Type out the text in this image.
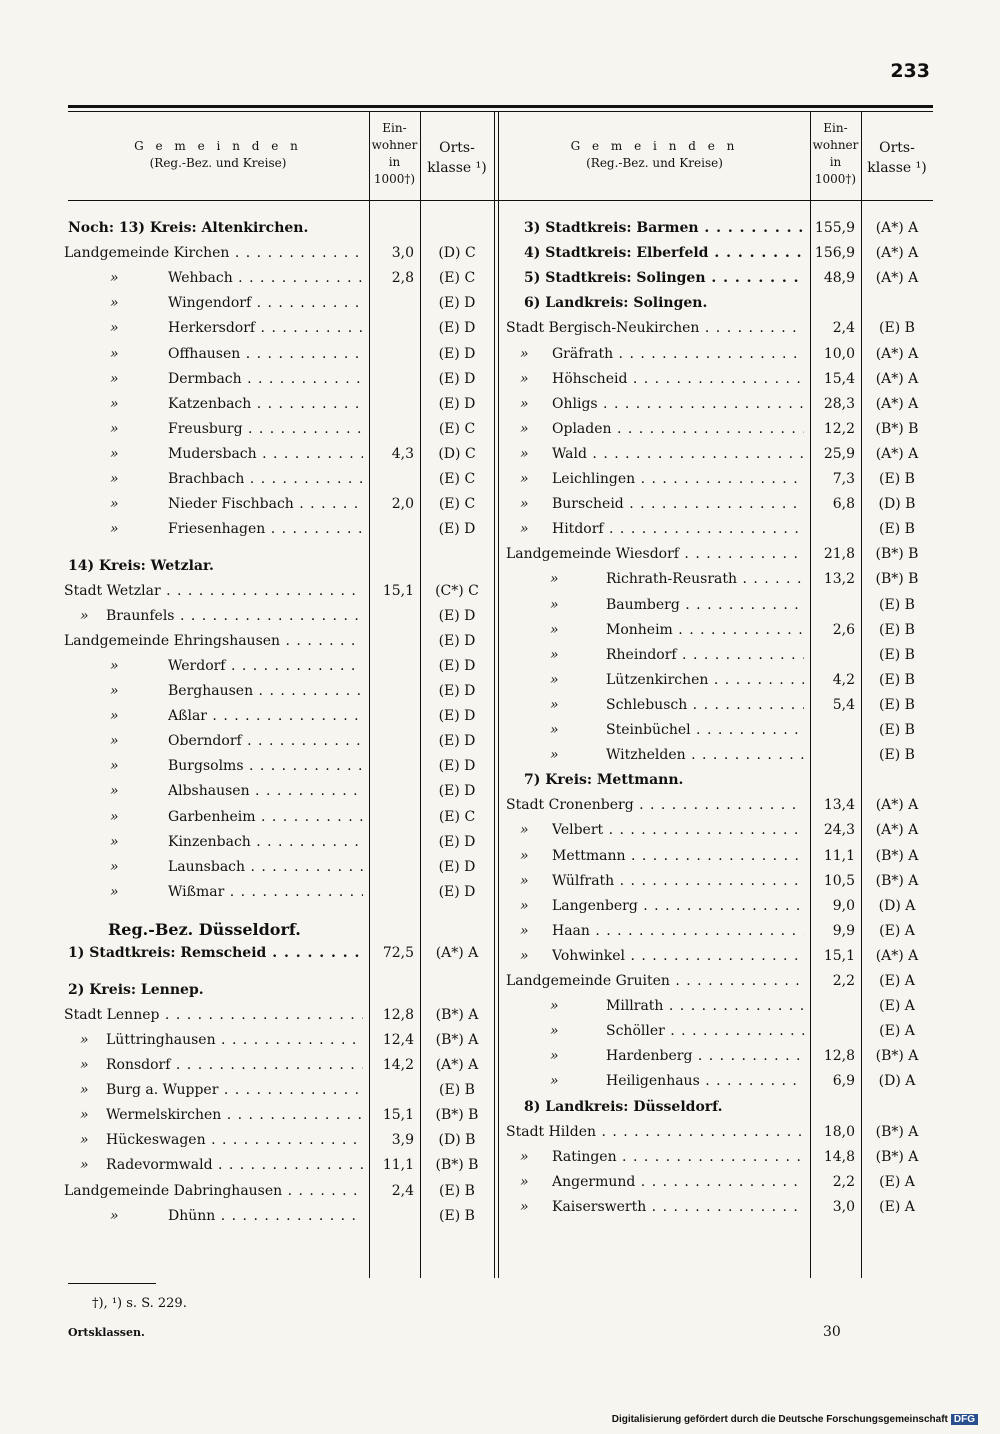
233
G e m e i n d e n
(Reg.-Bez. und Kreise)
Ein-
wohner
in
1000†)
Orts-
klasse ¹)
G e m e i n d e n
(Reg.-Bez. und Kreise)
Ein-
wohner
in
1000†)
Orts-
klasse ¹)
†), ¹) s. S. 229.
Ortsklassen.	30
Digitalisierung gefördert durch die Deutsche Forschungsgemeinschaft DFG
Noch: 13) Kreis: Altenkirchen.
Landgemeinde Kirchen . . .	3,0	(D) C
»	Wehbach . . .	2,8	(E) C
»	Wingendorf . . .	(E) D
»	Herkersdorf . . .	(E) D
»	Offhausen . . .	(E) D
»	Dermbach . . .	(E) D
»	Katzenbach . . .	(E) D
»	Freusburg . . .	(E) C
»	Mudersbach . . .	4,3	(D) C
»	Brachbach . . .	(E) C
»	Nieder Fischbach . . .	2,0	(E) C
»	Friesenhagen . . .	(E) D
14) Kreis: Wetzlar.
Stadt Wetzlar . . .	15,1	(C*) C
» Braunfels . . .	(E) D
Landgemeinde Ehringshausen . . .	(E) D
»	Werdorf . . .	(E) D
»	Berghausen . . .	(E) D
»	Aßlar . . .	(E) D
»	Oberndorf . . .	(E) D
»	Burgsolms . . .	(E) D
»	Albshausen . . .	(E) D
»	Garbenheim . . .	(E) C
»	Kinzenbach . . .	(E) D
»	Launsbach . . .	(E) D
»	Wißmar . . .	(E) D
Reg.-Bez. Düsseldorf.
1) Stadtkreis: Remscheid . . .	72,5	(A*) A
2) Kreis: Lennep.
Stadt Lennep . . .	12,8	(B*) A
» Lüttringhausen . . .	12,4	(B*) A
» Ronsdorf . . .	14,2	(A*) A
» Burg a. Wupper . . .	(E) B
» Wermelskirchen . . .	15,1	(B*) B
» Hückeswagen . . .	3,9	(D) B
» Radevormwald . . .	11,1	(B*) B
Landgemeinde Dabringhausen . . .	2,4	(E) B
»	Dhünn . . .	(E) B
3) Stadtkreis: Barmen . . .	155,9	(A*) A
4) Stadtkreis: Elberfeld . . .	156,9	(A*) A
5) Stadtkreis: Solingen . . .	48,9	(A*) A
6) Landkreis: Solingen.
Stadt Bergisch-Neukirchen . . .	2,4	(E) B
» Gräfrath . . .	10,0	(A*) A
» Höhscheid . . .	15,4	(A*) A
» Ohligs . . .	28,3	(A*) A
» Opladen . . .	12,2	(B*) B
» Wald . . .	25,9	(A*) A
» Leichlingen . . .	7,3	(E) B
» Burscheid . . .	6,8	(D) B
» Hitdorf . . .	(E) B
Landgemeinde Wiesdorf . . .	21,8	(B*) B
»	Richrath-Reusrath . . .	13,2	(B*) B
»	Baumberg . . .	(E) B
»	Monheim . . .	2,6	(E) B
»	Rheindorf . . .	(E) B
»	Lützenkirchen . . .	4,2	(E) B
»	Schlebusch . . .	5,4	(E) B
»	Steinbüchel . . .	(E) B
»	Witzhelden . . .	(E) B
7) Kreis: Mettmann.
Stadt Cronenberg . . .	13,4	(A*) A
» Velbert . . .	24,3	(A*) A
» Mettmann . . .	11,1	(B*) A
» Wülfrath . . .	10,5	(B*) A
» Langenberg . . .	9,0	(D) A
» Haan . . .	9,9	(E) A
» Vohwinkel . . .	15,1	(A*) A
Landgemeinde Gruiten . . .	2,2	(E) A
»	Millrath . . .	(E) A
»	Schöller . . .	(E) A
»	Hardenberg . . .	12,8	(B*) A
»	Heiligenhaus . . .	6,9	(D) A
8) Landkreis: Düsseldorf.
Stadt Hilden . . .	18,0	(B*) A
» Ratingen . . .	14,8	(B*) A
» Angermund . . .	2,2	(E) A
» Kaiserswerth . . .	3,0	(E) A
